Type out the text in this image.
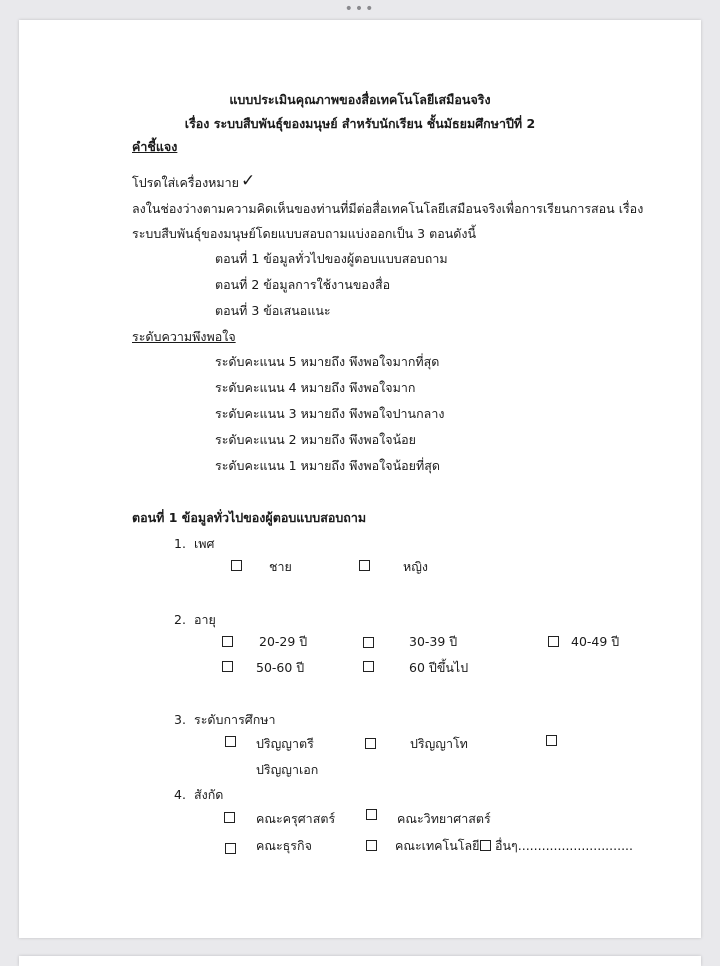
•••
แบบประเมินคุณภาพของสื่อเทคโนโลยีเสมือนจริง
เรื่อง ระบบสืบพันธุ์ของมนุษย์ สำหรับนักเรียน ชั้นมัธยมศึกษาปีที่ 2
คำชี้แจง
โปรดใส่เครื่องหมาย ✓
ลงในช่องว่างตามความคิดเห็นของท่านที่มีต่อสื่อเทคโนโลยีเสมือนจริงเพื่อการเรียนการสอน เรื่อง
ระบบสืบพันธุ์ของมนุษย์โดยแบบสอบถามแบ่งออกเป็น 3 ตอนดังนี้
ตอนที่ 1 ข้อมูลทั่วไปของผู้ตอบแบบสอบถาม
ตอนที่ 2 ข้อมูลการใช้งานของสื่อ
ตอนที่ 3 ข้อเสนอแนะ
ระดับความพึงพอใจ
ระดับคะแนน 5 หมายถึง พึงพอใจมากที่สุด
ระดับคะแนน 4 หมายถึง พึงพอใจมาก
ระดับคะแนน 3 หมายถึง พึงพอใจปานกลาง
ระดับคะแนน 2 หมายถึง พึงพอใจน้อย
ระดับคะแนน 1 หมายถึง พึงพอใจน้อยที่สุด
ตอนที่ 1 ข้อมูลทั่วไปของผู้ตอบแบบสอบถาม
1. เพศ
ชาย	หญิง
2. อายุ
20-29 ปี	30-39 ปี	40-49 ปี
50-60 ปี	60 ปีขึ้นไป
3. ระดับการศึกษา
ปริญญาตรี	ปริญญาโท
ปริญญาเอก
4. สังกัด
คณะครุศาสตร์	คณะวิทยาศาสตร์
คณะธุรกิจ	คณะเทคโนโลยี อื่นๆ.............................
